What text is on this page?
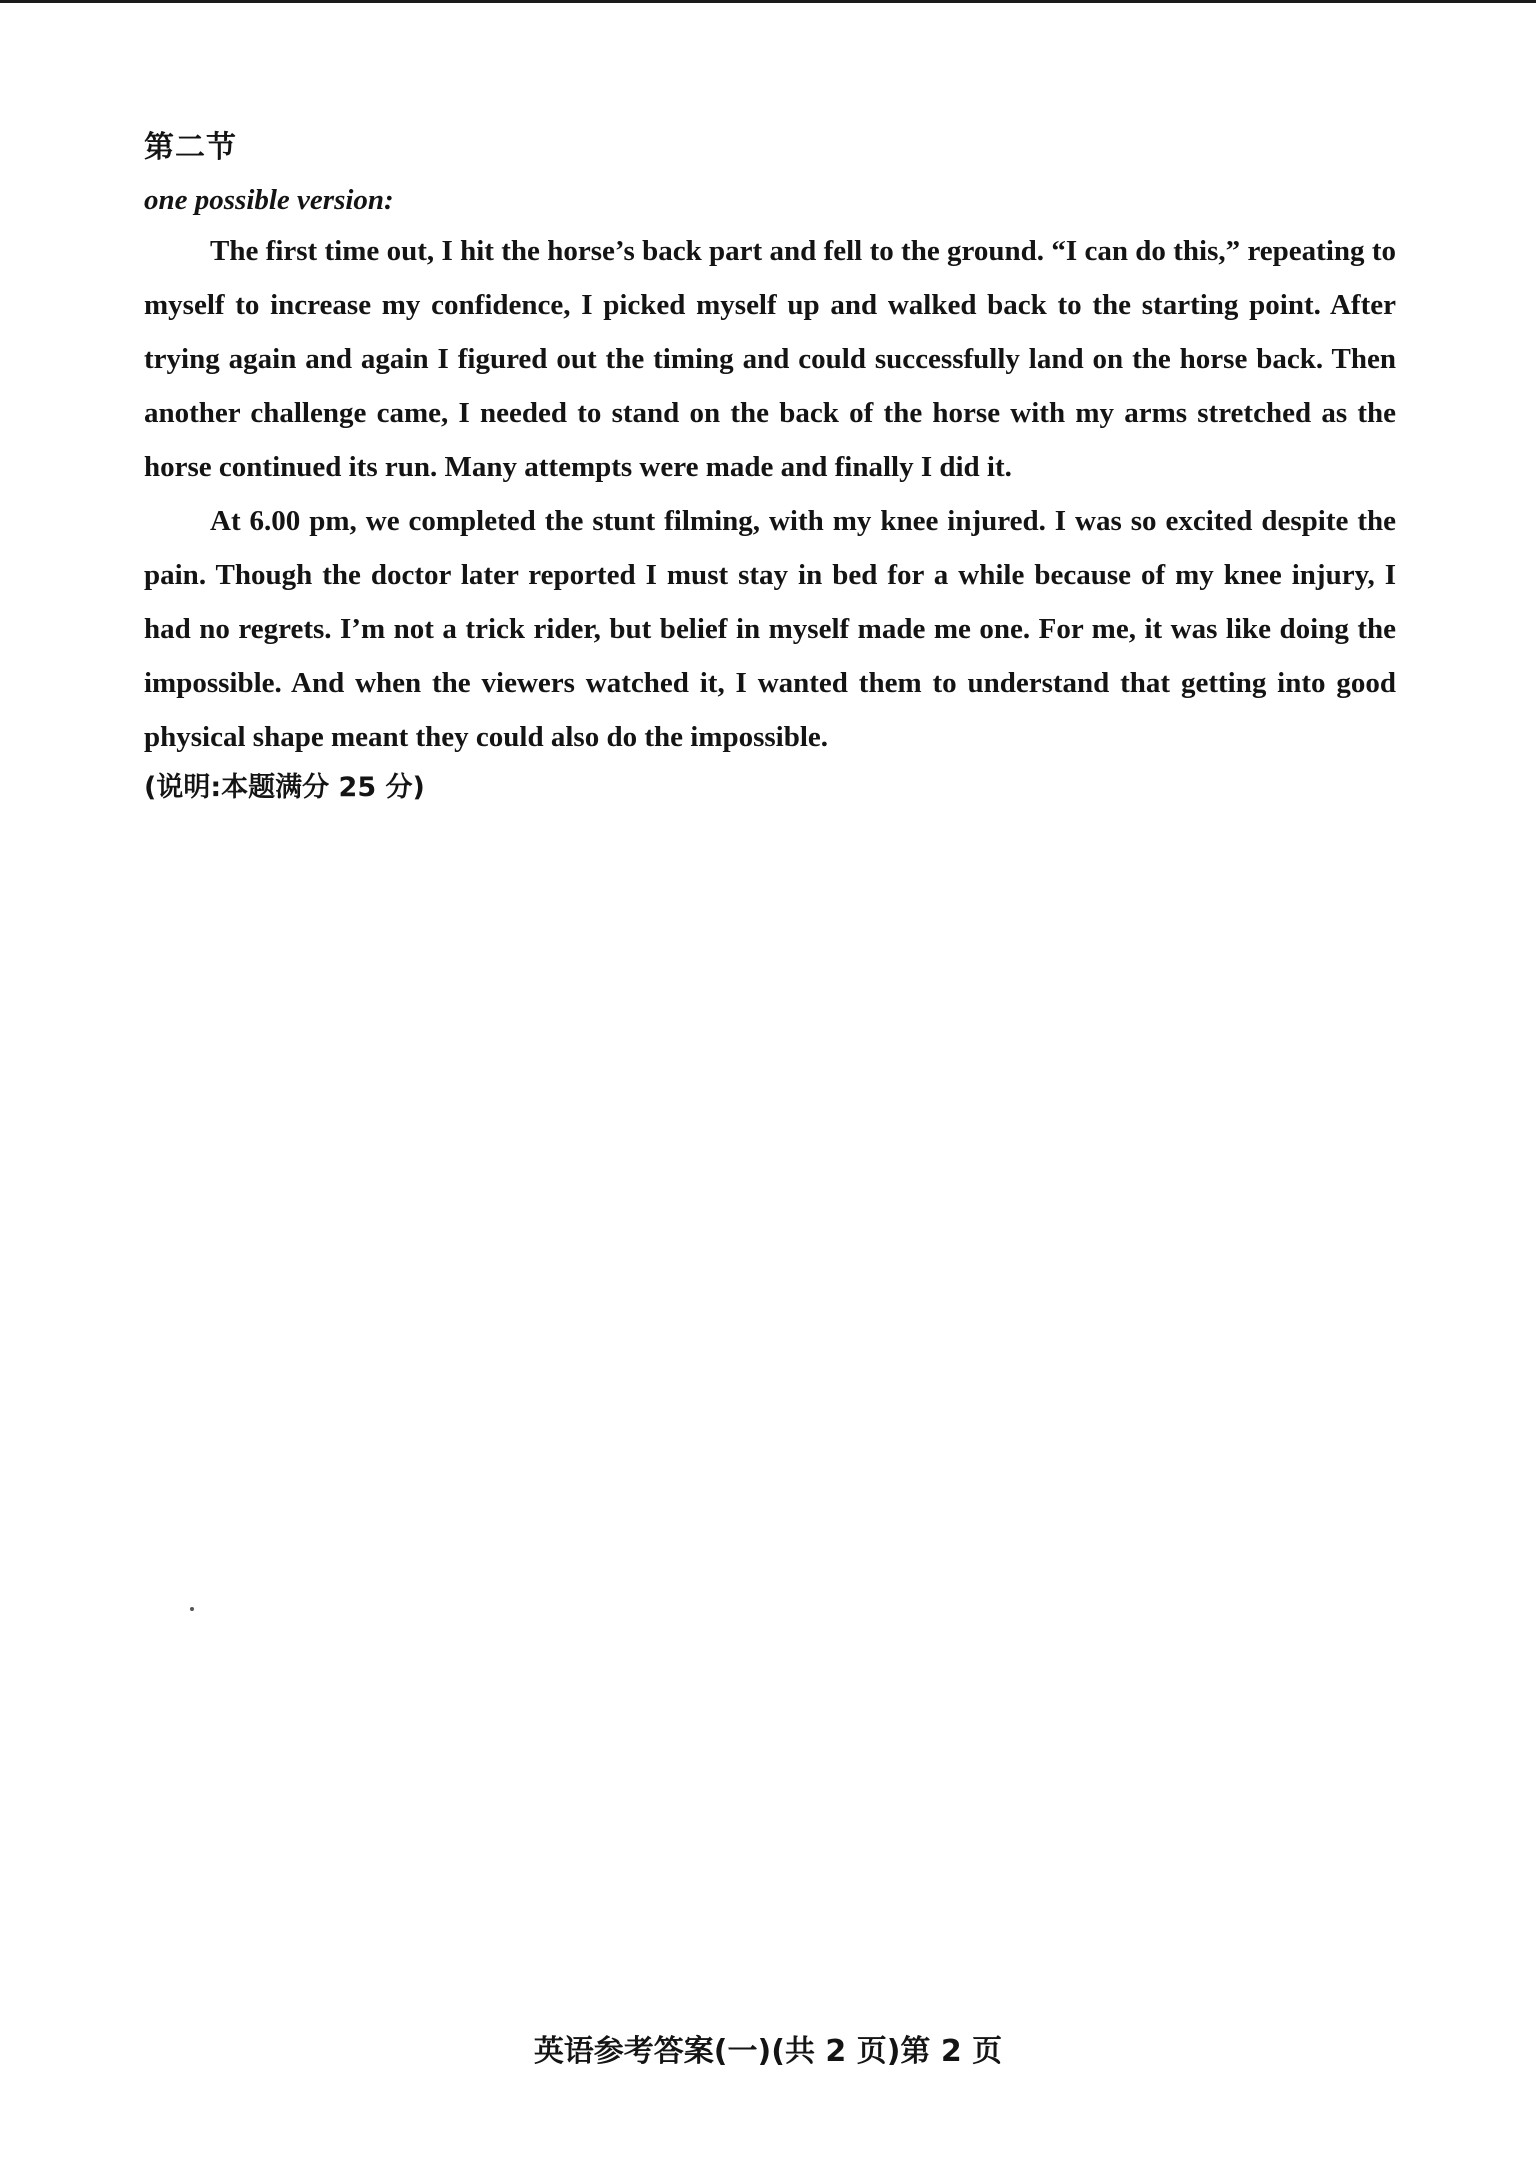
第二节
one possible version:

The first time out, I hit the horse’s back part and fell to the ground. “I can do this,” repeating to myself to increase my confidence, I picked myself up and walked back to the starting point. After trying again and again I figured out the timing and could successfully land on the horse back. Then another challenge came, I needed to stand on the back of the horse with my arms stretched as the horse continued its run. Many attempts were made and finally I did it.

At 6.00 pm, we completed the stunt filming, with my knee injured. I was so excited despite the pain. Though the doctor later reported I must stay in bed for a while because of my knee injury, I had no regrets. I’m not a trick rider, but belief in myself made me one. For me, it was like doing the impossible. And when the viewers watched it, I wanted them to understand that getting into good physical shape meant they could also do the impossible.

(说明:本题满分 25 分)
英语参考答案(一)(共 2 页)第 2 页
